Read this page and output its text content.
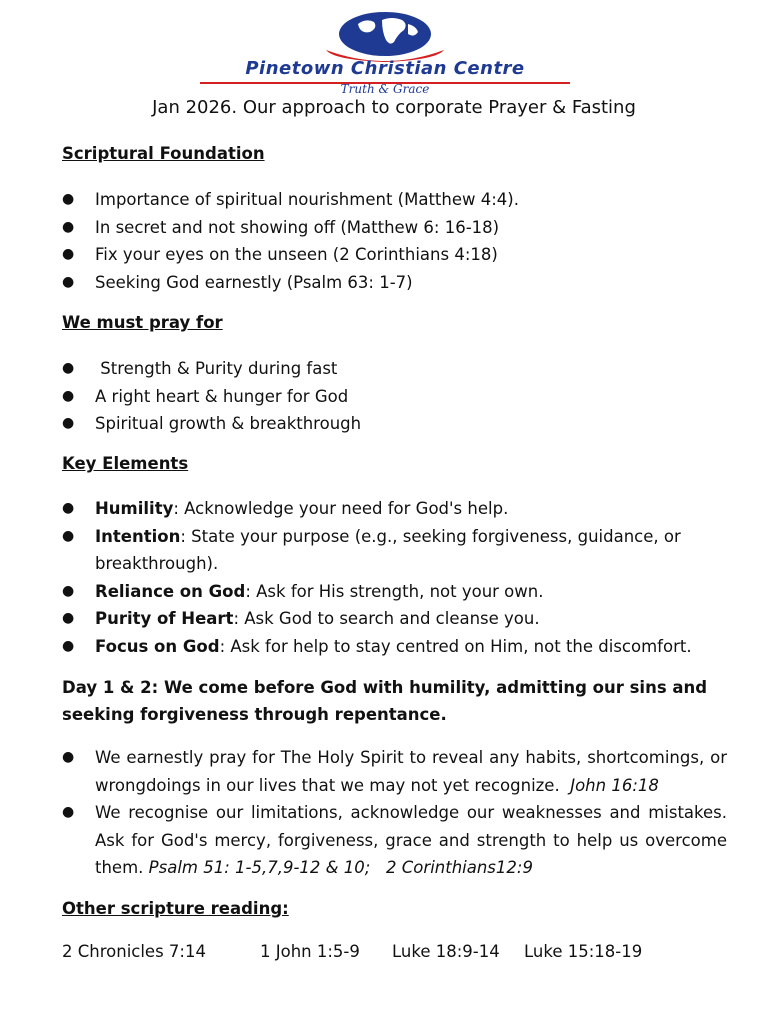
Pinetown Christian Centre
Truth & Grace
Jan 2026. Our approach to corporate Prayer & Fasting
Scriptural Foundation
● Importance of spiritual nourishment (Matthew 4:4).
● In secret and not showing off (Matthew 6: 16-18)
● Fix your eyes on the unseen (2 Corinthians 4:18)
● Seeking God earnestly (Psalm 63: 1-7)
We must pray for
● Strength & Purity during fast
● A right heart & hunger for God
● Spiritual growth & breakthrough
Key Elements
● Humility: Acknowledge your need for God's help.
● Intention: State your purpose (e.g., seeking forgiveness, guidance, or breakthrough).
● Reliance on God: Ask for His strength, not your own.
● Purity of Heart: Ask God to search and cleanse you.
● Focus on God: Ask for help to stay centred on Him, not the discomfort.
Day 1 & 2: We come before God with humility, admitting our sins and seeking forgiveness through repentance.
● We earnestly pray for The Holy Spirit to reveal any habits, shortcomings, or wrongdoings in our lives that we may not yet recognize.  John 16:18
● We recognise our limitations, acknowledge our weaknesses and mistakes. Ask for God's mercy, forgiveness, grace and strength to help us overcome them. Psalm 51: 1-5,7,9-12 & 10;   2 Corinthians12:9
Other scripture reading:
2 Chronicles 7:14	1 John 1:5-9 Luke 18:9-14 Luke 15:18-19
